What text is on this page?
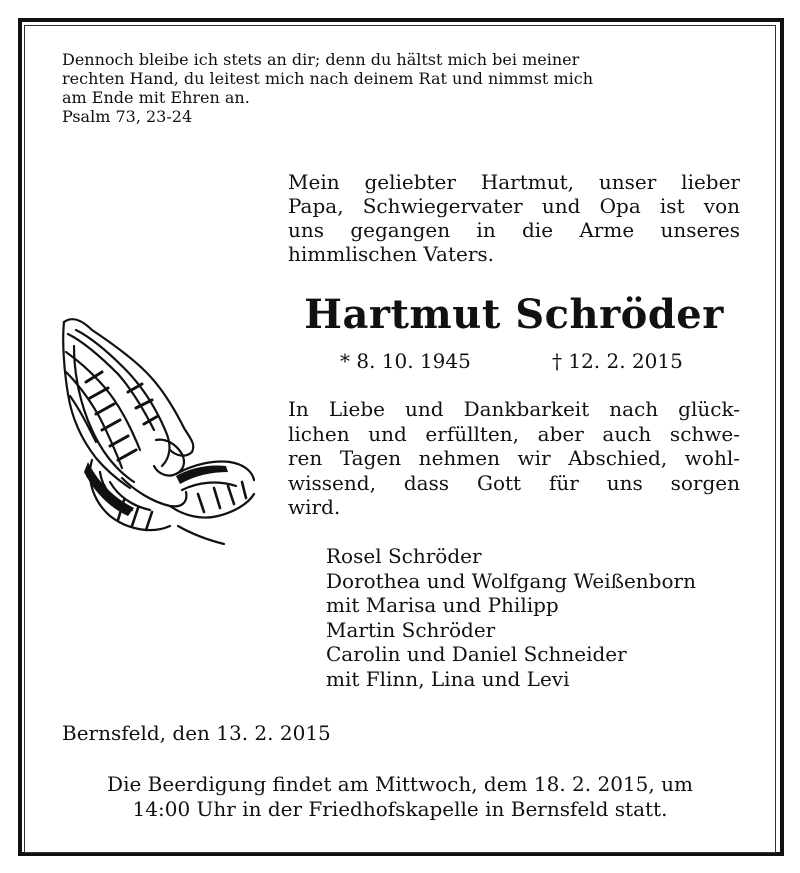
Dennoch bleibe ich stets an dir; denn du hältst mich bei meiner
rechten Hand, du leitest mich nach deinem Rat und nimmst mich
am Ende mit Ehren an.
Psalm 73, 23-24
Mein geliebter Hartmut, unser lieber
Papa, Schwiegervater und Opa ist von
uns gegangen in die Arme unseres
himmlischen Vaters.
Hartmut Schröder
* 8. 10. 1945	† 12. 2. 2015
In Liebe und Dankbarkeit nach glück-
lichen und erfüllten, aber auch schwe-
ren Tagen nehmen wir Abschied, wohl-
wissend, dass Gott für uns sorgen
wird.
Rosel Schröder
Dorothea und Wolfgang Weißenborn
mit Marisa und Philipp
Martin Schröder
Carolin und Daniel Schneider
mit Flinn, Lina und Levi
Bernsfeld, den 13. 2. 2015
Die Beerdigung findet am Mittwoch, dem 18. 2. 2015, um
14:00 Uhr in der Friedhofskapelle in Bernsfeld statt.
